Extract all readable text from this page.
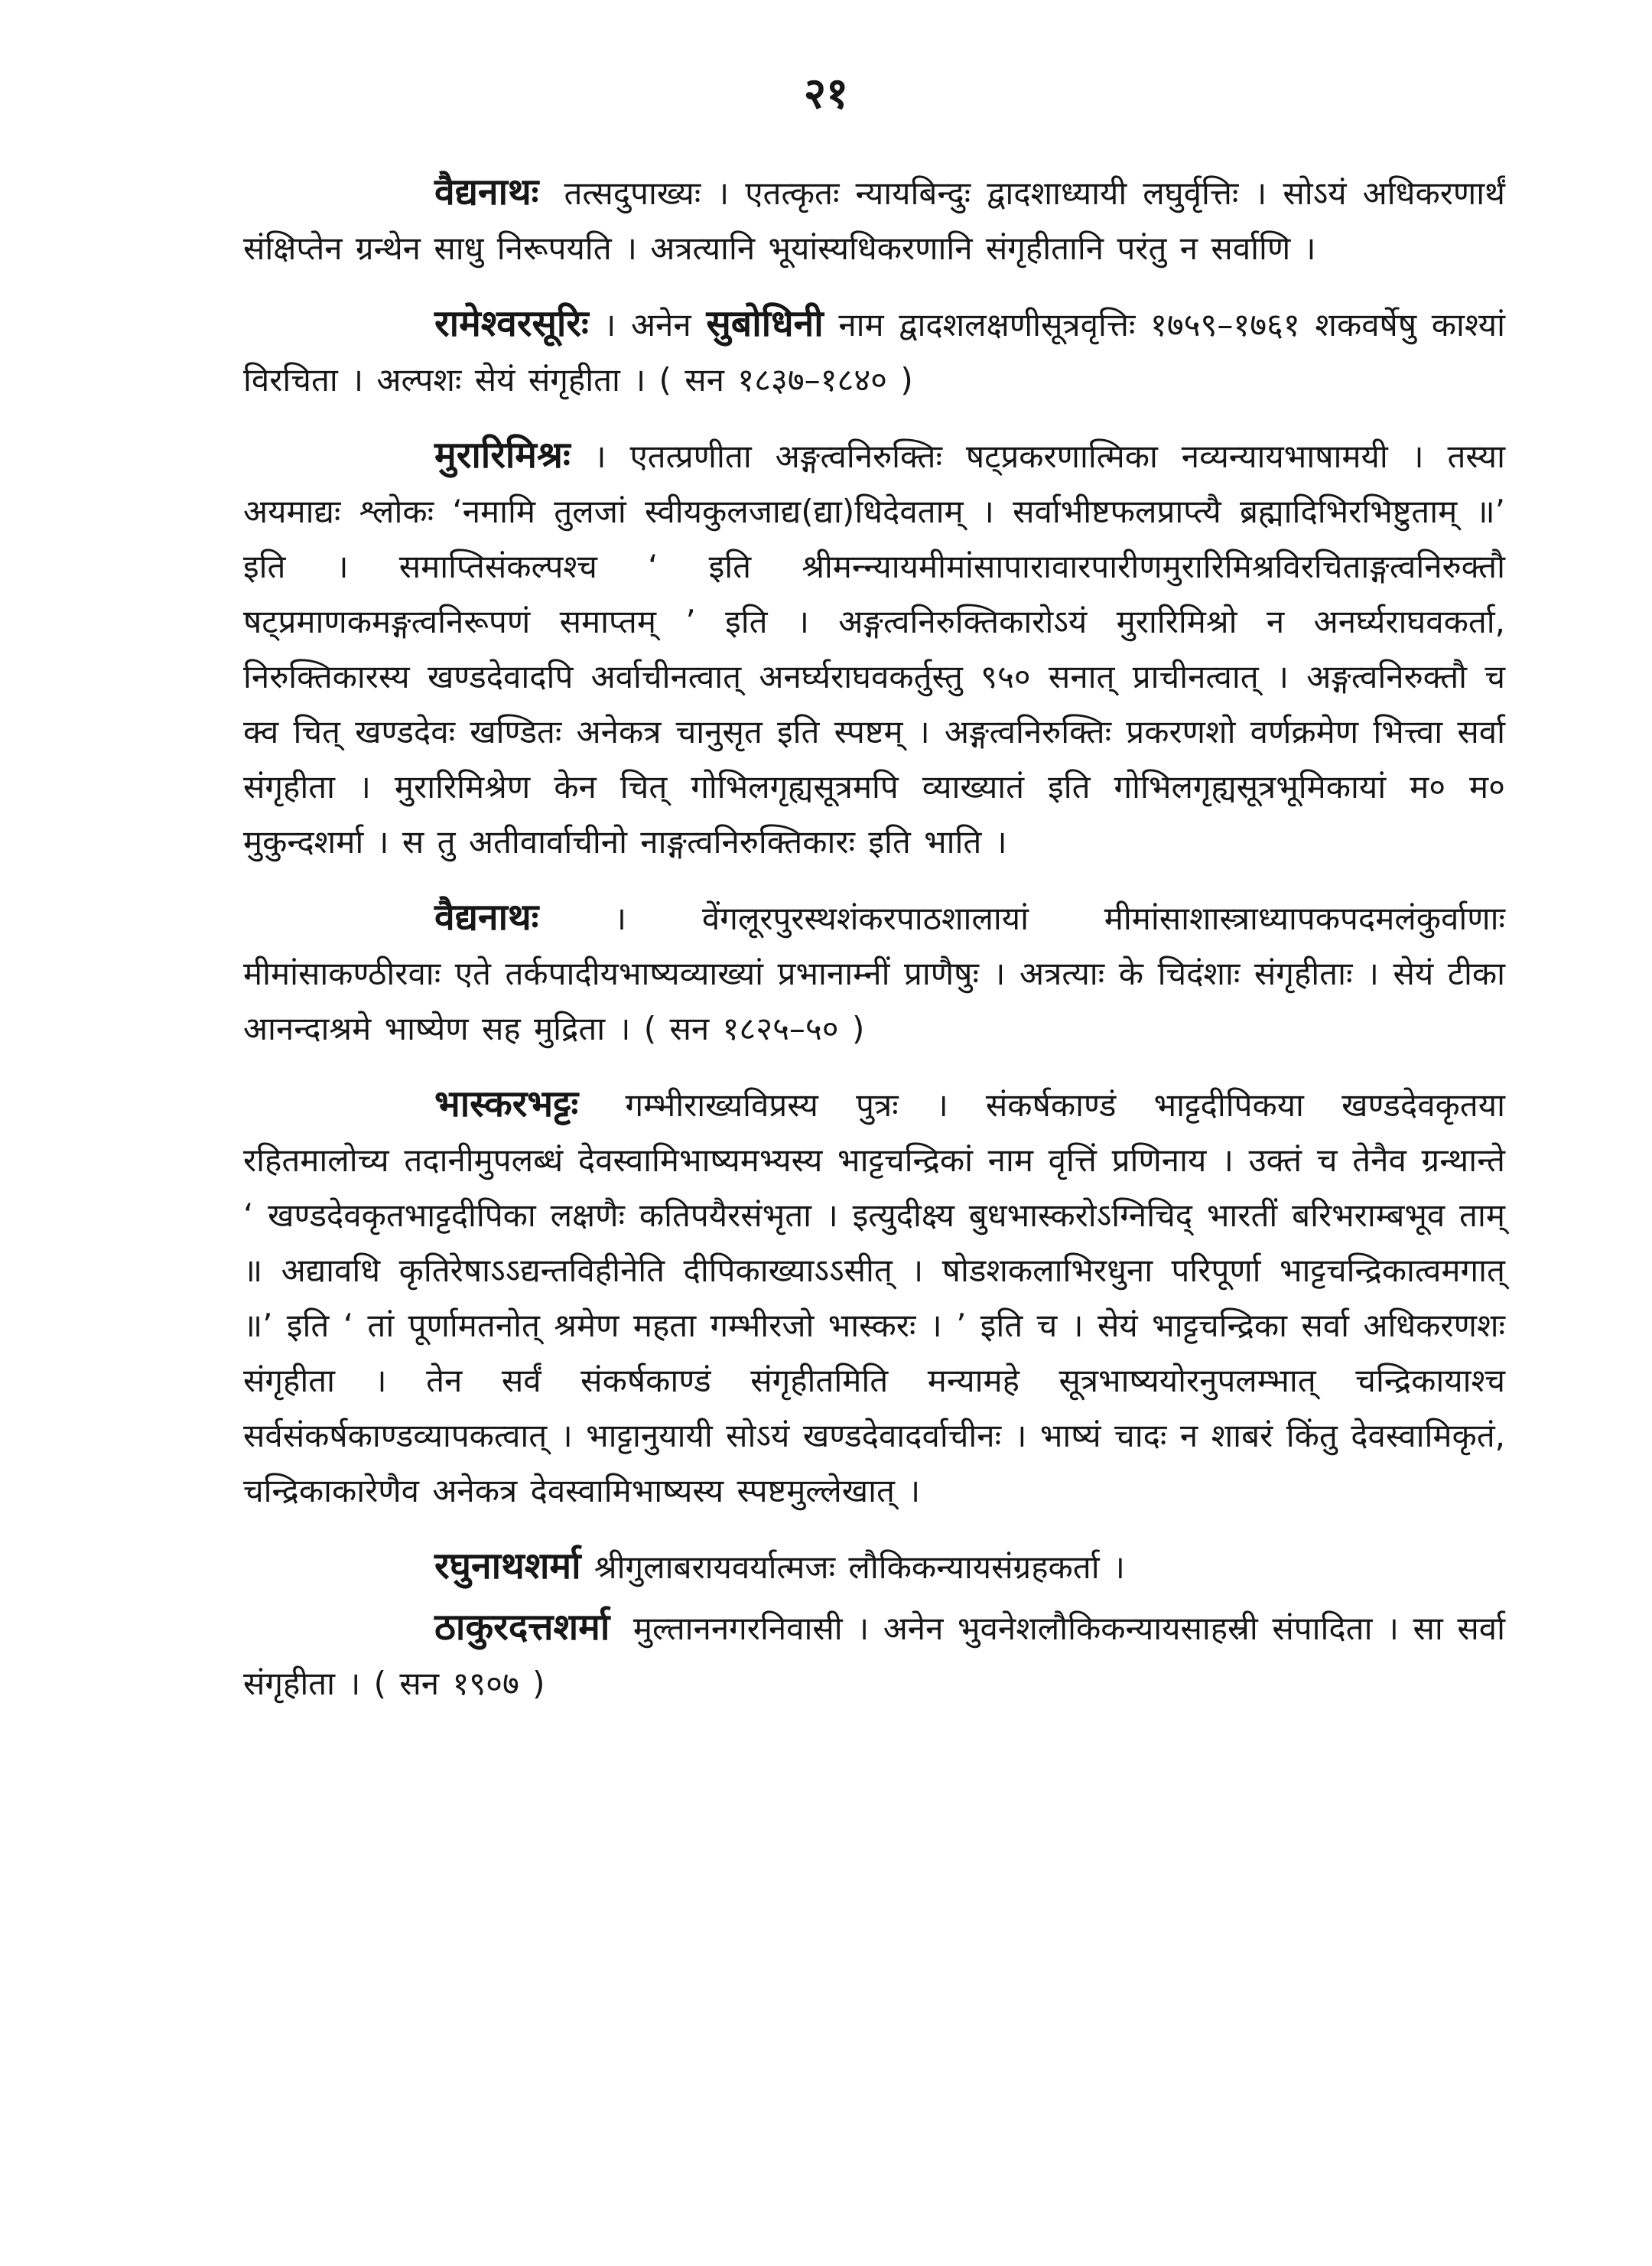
२१

वैद्यनाथः तत्सदुपाख्यः । एतत्कृतः न्यायबिन्दुः द्वादशाध्यायी लघुर्वृत्तिः । सोऽयं अधिकरणार्थं संक्षिप्तेन ग्रन्थेन साधु निरूपयति । अत्रत्यानि भूयांस्यधिकरणानि संगृहीतानि परंतु न सर्वाणि ।

रामेश्वरसूरिः । अनेन सुबोधिनी नाम द्वादशलक्षणीसूत्रवृत्तिः १७५९–१७६१ शकवर्षेषु काश्यां विरचिता । अल्पशः सेयं संगृहीता । ( सन १८३७–१८४० )

मुरारिमिश्रः । एतत्प्रणीता अङ्गत्वनिरुक्तिः षट्प्रकरणात्मिका नव्यन्यायभाषामयी । तस्या अयमाद्यः श्लोकः ‘नमामि तुलजां स्वीयकुलजाद्य(द्या)धिदेवताम् । सर्वाभीष्टफलप्राप्त्यै ब्रह्मादिभिरभिष्टुताम् ॥’ इति । समाप्तिसंकल्पश्च ‘ इति श्रीमन्न्यायमीमांसापारावारपारीणमुरारिमिश्रविरचिताङ्गत्वनिरुक्तौ षट्प्रमाणकमङ्गत्वनिरूपणं समाप्तम् ’ इति । अङ्गत्वनिरुक्तिकारोऽयं मुरारिमिश्रो न अनर्घ्यराघवकर्ता, निरुक्तिकारस्य खण्डदेवादपि अर्वाचीनत्वात् अनर्घ्यराघवकर्तुस्तु ९५० सनात् प्राचीनत्वात् । अङ्गत्वनिरुक्तौ च क्व चित् खण्डदेवः खण्डितः अनेकत्र चानुसृत इति स्पष्टम् । अङ्गत्वनिरुक्तिः प्रकरणशो वर्णक्रमेण भित्त्वा सर्वा संगृहीता । मुरारिमिश्रेण केन चित् गोभिलगृह्यसूत्रमपि व्याख्यातं इति गोभिलगृह्यसूत्रभूमिकायां म० म० मुकुन्दशर्मा । स तु अतीवार्वाचीनो नाङ्गत्वनिरुक्तिकारः इति भाति ।

वैद्यनाथः । वेंगलूरपुरस्थशंकरपाठशालायां मीमांसाशास्त्राध्यापकपदमलंकुर्वाणाः मीमांसाकण्ठीरवाः एते तर्कपादीयभाष्यव्याख्यां प्रभानाम्नीं प्राणैषुः । अत्रत्याः के चिदंशाः संगृहीताः । सेयं टीका आनन्दाश्रमे भाष्येण सह मुद्रिता । ( सन १८२५–५० )

भास्करभट्टः गम्भीराख्यविप्रस्य पुत्रः । संकर्षकाण्डं भाट्टदीपिकया खण्डदेवकृतया रहितमालोच्य तदानीमुपलब्धं देवस्वामिभाष्यमभ्यस्य भाट्टचन्द्रिकां नाम वृत्तिं प्रणिनाय । उक्तं च तेनैव ग्रन्थान्ते ‘ खण्डदेवकृतभाट्टदीपिका लक्षणैः कतिपयैरसंभृता । इत्युदीक्ष्य बुधभास्करोऽग्निचिद् भारतीं बरिभराम्बभूव ताम् ॥ अद्यावधि कृतिरेषाऽऽद्यन्तविहीनेति दीपिकाख्याऽऽसीत् । षोडशकलाभिरधुना परिपूर्णा भाट्टचन्द्रिकात्वमगात् ॥’ इति ‘ तां पूर्णामतनोत् श्रमेण महता गम्भीरजो भास्करः । ’ इति च । सेयं भाट्टचन्द्रिका सर्वा अधिकरणशः संगृहीता । तेन सर्वं संकर्षकाण्डं संगृहीतमिति मन्यामहे सूत्रभाष्ययोरनुपलम्भात् चन्द्रिकायाश्च सर्वसंकर्षकाण्डव्यापकत्वात् । भाट्टानुयायी सोऽयं खण्डदेवादर्वाचीनः । भाष्यं चादः न शाबरं किंतु देवस्वामिकृतं, चन्द्रिकाकारेणैव अनेकत्र देवस्वामिभाष्यस्य स्पष्टमुल्लेखात् ।

रघुनाथशर्मा श्रीगुलाबरायवर्यात्मजः लौकिकन्यायसंग्रहकर्ता ।

ठाकुरदत्तशर्मा मुल्ताननगरनिवासी । अनेन भुवनेशलौकिकन्यायसाहस्री संपादिता । सा सर्वा संगृहीता । ( सन १९०७ )
